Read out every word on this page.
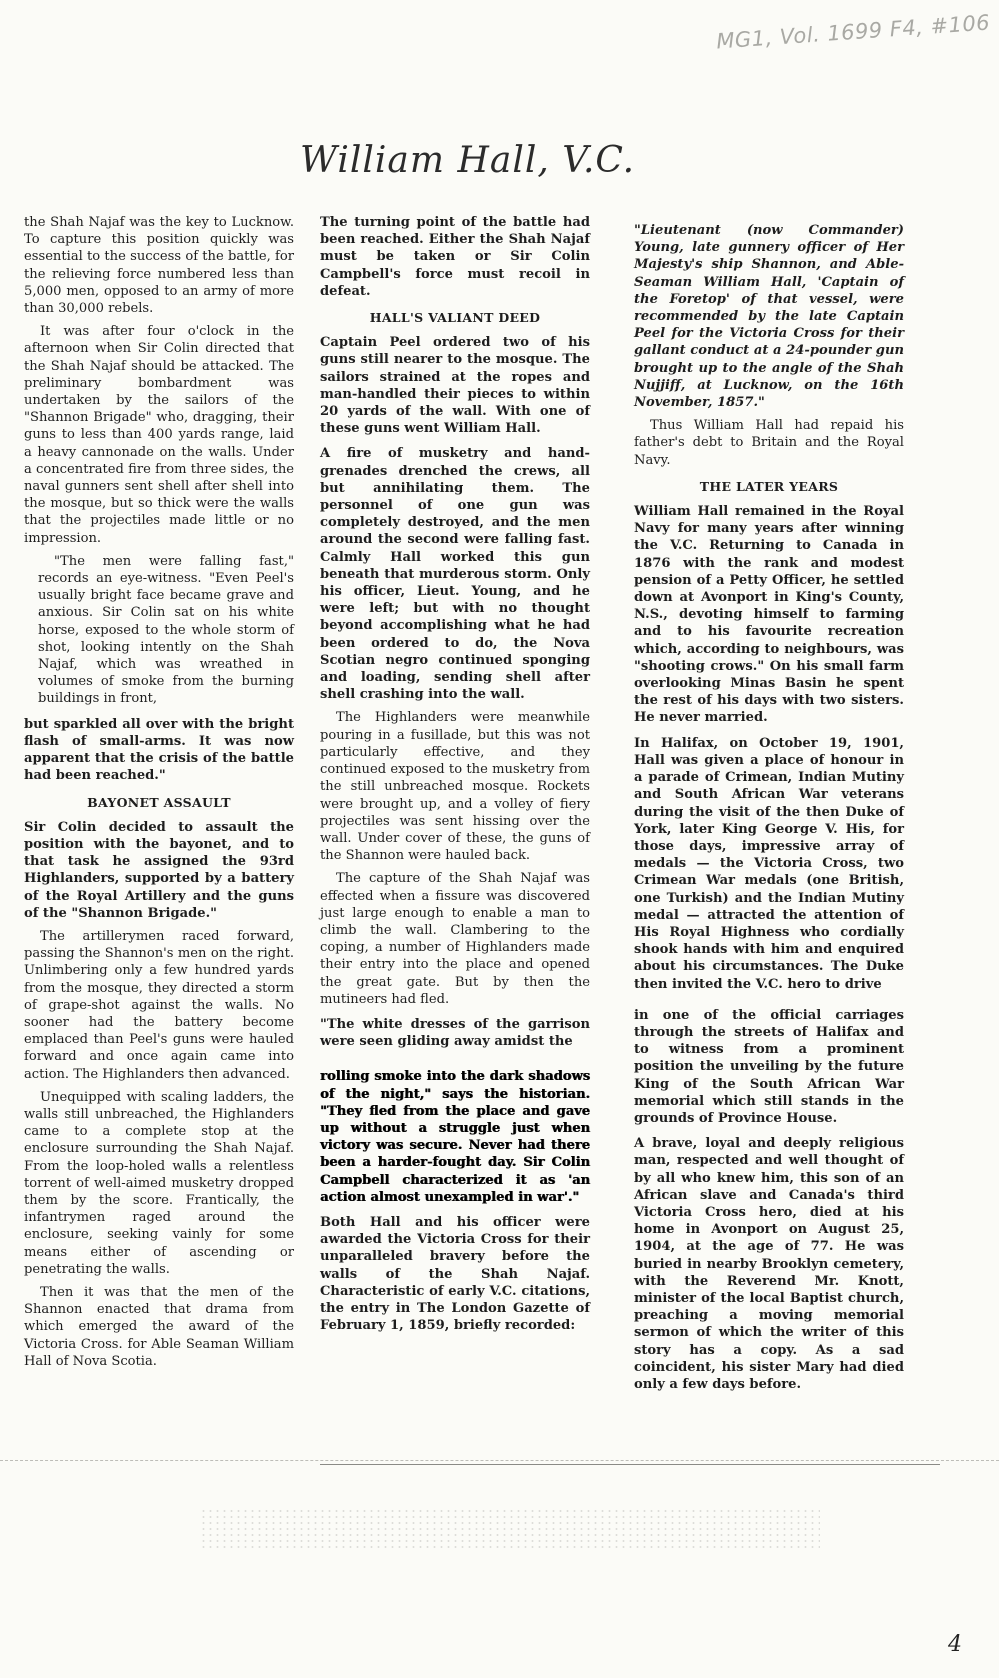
MG1, Vol. 1699 F4, #106
William Hall, V.C.

the Shah Najaf was the key to Lucknow. To capture this position quickly was essential to the success of the battle, for the relieving force numbered less than 5,000 men, opposed to an army of more than 30,000 rebels.

It was after four o'clock in the afternoon when Sir Colin directed that the Shah Najaf should be attacked. The preliminary bombardment was undertaken by the sailors of the "Shannon Brigade" who, dragging, their guns to less than 400 yards range, laid a heavy cannonade on the walls. Under a concentrated fire from three sides, the naval gunners sent shell after shell into the mosque, but so thick were the walls that the projectiles made little or no impression.

"The men were falling fast," records an eye-witness. "Even Peel's usually bright face became grave and anxious. Sir Colin sat on his white horse, exposed to the whole storm of shot, looking intently on the Shah Najaf, which was wreathed in volumes of smoke from the burning buildings in front,

but sparkled all over with the bright flash of small-arms. It was now apparent that the crisis of the battle had been reached."

BAYONET ASSAULT

Sir Colin decided to assault the position with the bayonet, and to that task he assigned the 93rd Highlanders, supported by a battery of the Royal Artillery and the guns of the "Shannon Brigade."

The artillerymen raced forward, passing the Shannon's men on the right. Unlimbering only a few hundred yards from the mosque, they directed a storm of grape-shot against the walls. No sooner had the battery become emplaced than Peel's guns were hauled forward and once again came into action. The Highlanders then advanced.

Unequipped with scaling ladders, the walls still unbreached, the Highlanders came to a complete stop at the enclosure surrounding the Shah Najaf. From the loop-holed walls a relentless torrent of well-aimed musketry dropped them by the score. Frantically, the infantrymen raged around the enclosure, seeking vainly for some means either of ascending or penetrating the walls.

Then it was that the men of the Shannon enacted that drama from which emerged the award of the Victoria Cross. for Able Seaman William Hall of Nova Scotia.

The turning point of the battle had been reached. Either the Shah Najaf must be taken or Sir Colin Campbell's force must recoil in defeat.

HALL'S VALIANT DEED

Captain Peel ordered two of his guns still nearer to the mosque. The sailors strained at the ropes and man-handled their pieces to within 20 yards of the wall. With one of these guns went William Hall.

A fire of musketry and hand-grenades drenched the crews, all but annihilating them. The personnel of one gun was completely destroyed, and the men around the second were falling fast. Calmly Hall worked this gun beneath that murderous storm. Only his officer, Lieut. Young, and he were left; but with no thought beyond accomplishing what he had been ordered to do, the Nova Scotian negro continued sponging and loading, sending shell after shell crashing into the wall.

The Highlanders were meanwhile pouring in a fusillade, but this was not particularly effective, and they continued exposed to the musketry from the still unbreached mosque. Rockets were brought up, and a volley of fiery projectiles was sent hissing over the wall. Under cover of these, the guns of the Shannon were hauled back.

The capture of the Shah Najaf was effected when a fissure was discovered just large enough to enable a man to climb the wall. Clambering to the coping, a number of Highlanders made their entry into the place and opened the great gate. But by then the mutineers had fled.

"The white dresses of the garrison were seen gliding away amidst the

rolling smoke into the dark shadows of the night," says the historian. "They fled from the place and gave up without a struggle just when victory was secure. Never had there been a harder-fought day. Sir Colin Campbell characterized it as 'an action almost unexampled in war'."

Both Hall and his officer were awarded the Victoria Cross for their unparalleled bravery before the walls of the Shah Najaf. Characteristic of early V.C. citations, the entry in The London Gazette of February 1, 1859, briefly recorded:

"Lieutenant (now Commander) Young, late gunnery officer of Her Majesty's ship Shannon, and Able-Seaman William Hall, 'Captain of the Foretop' of that vessel, were recommended by the late Captain Peel for the Victoria Cross for their gallant conduct at a 24-pounder gun brought up to the angle of the Shah Nujjiff, at Lucknow, on the 16th November, 1857."

Thus William Hall had repaid his father's debt to Britain and the Royal Navy.

THE LATER YEARS

William Hall remained in the Royal Navy for many years after winning the V.C. Returning to Canada in 1876 with the rank and modest pension of a Petty Officer, he settled down at Avonport in King's County, N.S., devoting himself to farming and to his favourite recreation which, according to neighbours, was "shooting crows." On his small farm overlooking Minas Basin he spent the rest of his days with two sisters. He never married.

In Halifax, on October 19, 1901, Hall was given a place of honour in a parade of Crimean, Indian Mutiny and South African War veterans during the visit of the then Duke of York, later King George V. His, for those days, impressive array of medals — the Victoria Cross, two Crimean War medals (one British, one Turkish) and the Indian Mutiny medal — attracted the attention of His Royal Highness who cordially shook hands with him and enquired about his circumstances. The Duke then invited the V.C. hero to drive

in one of the official carriages through the streets of Halifax and to witness from a prominent position the unveiling by the future King of the South African War memorial which still stands in the grounds of Province House.

A brave, loyal and deeply religious man, respected and well thought of by all who knew him, this son of an African slave and Canada's third Victoria Cross hero, died at his home in Avonport on August 25, 1904, at the age of 77. He was buried in nearby Brooklyn cemetery, with the Reverend Mr. Knott, minister of the local Baptist church, preaching a moving memorial sermon of which the writer of this story has a copy. As a sad coincident, his sister Mary had died only a few days before.

4
